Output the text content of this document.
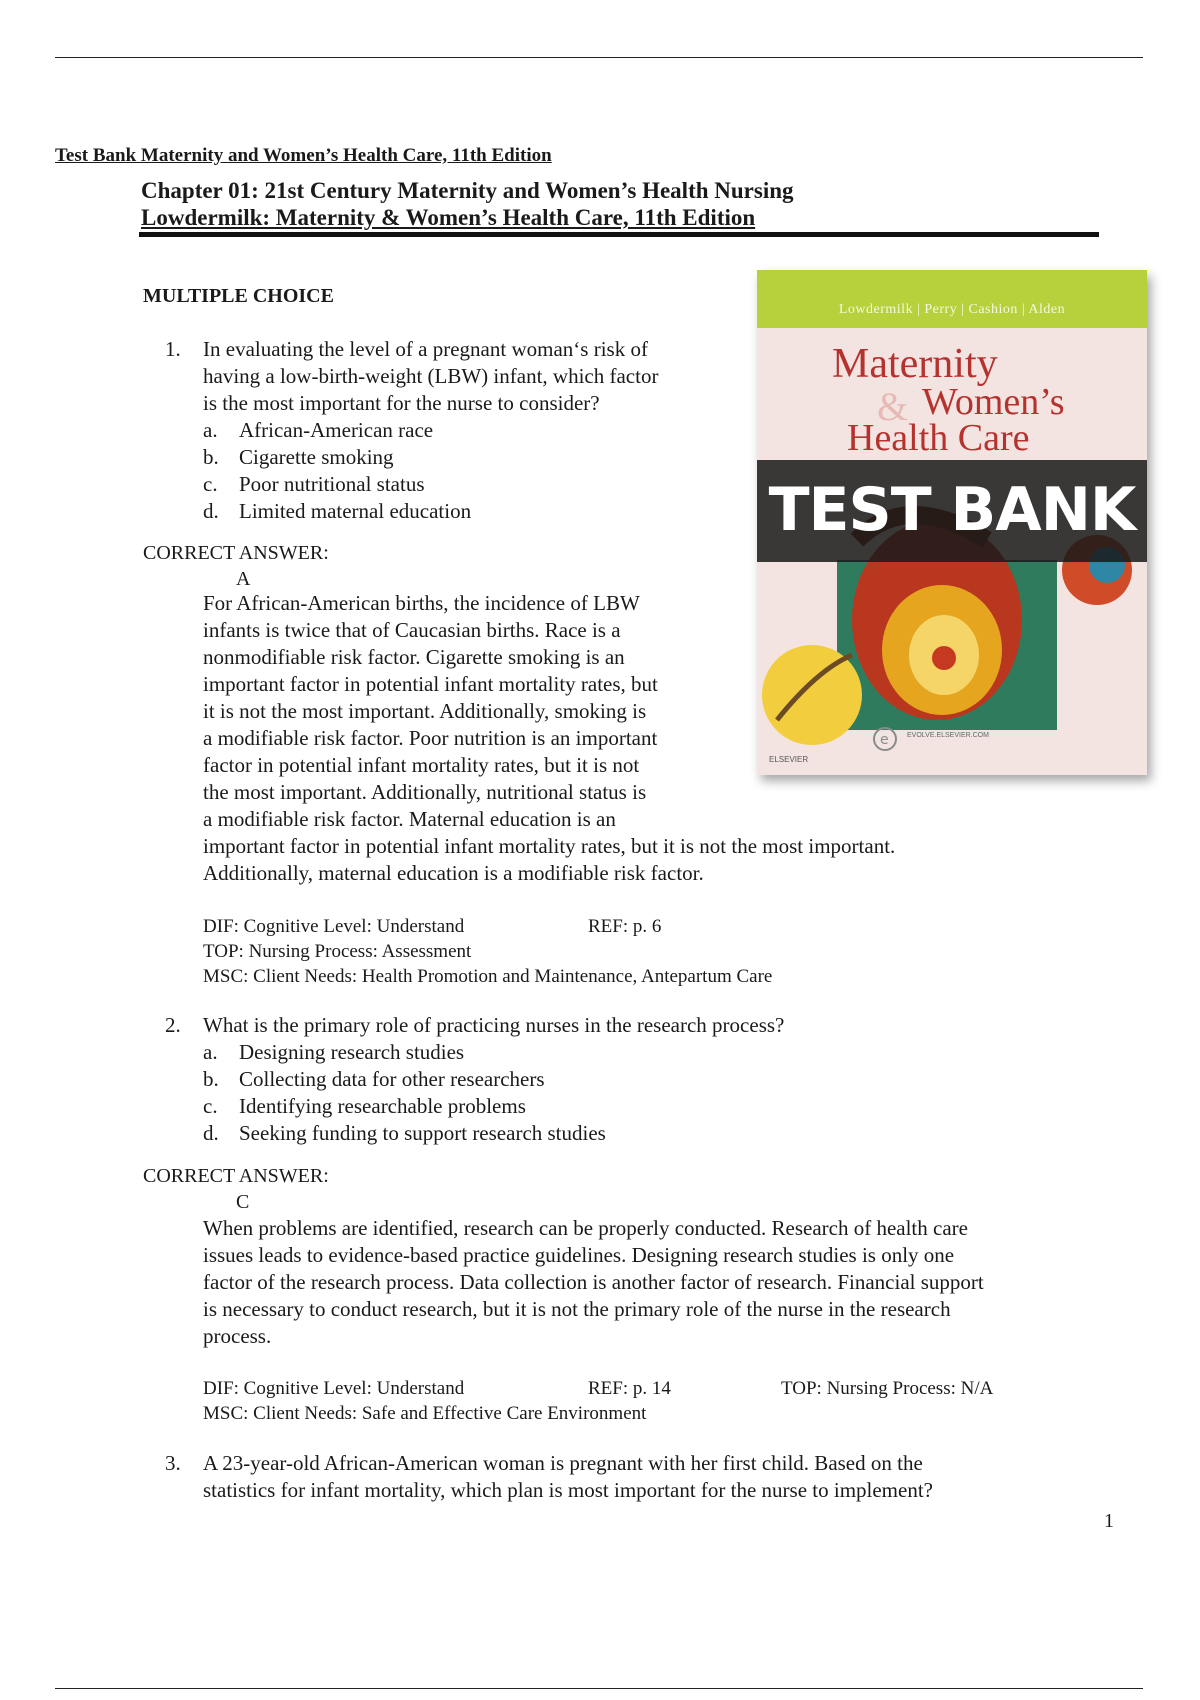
Test Bank Maternity and Women’s Health Care, 11th Edition
Chapter 01: 21st Century Maternity and Women’s Health Nursing
Lowdermilk: Maternity & Women’s Health Care, 11th Edition
MULTIPLE CHOICE
Lowdermilk | Perry | Cashion | Alden
Maternity
& Women’s
Health Care
TEST BANK
e	EVOLVE.ELSEVIER.COM
ELSEVIER
1. In evaluating the level of a pregnant woman‘s risk of
having a low-birth-weight (LBW) infant, which factor
is the most important for the nurse to consider?
a. African-American race
b. Cigarette smoking
c. Poor nutritional status
d. Limited maternal education
CORRECT ANSWER:
A
For African-American births, the incidence of LBW
infants is twice that of Caucasian births. Race is a
nonmodifiable risk factor. Cigarette smoking is an
important factor in potential infant mortality rates, but
it is not the most important. Additionally, smoking is
a modifiable risk factor. Poor nutrition is an important
factor in potential infant mortality rates, but it is not
the most important. Additionally, nutritional status is
a modifiable risk factor. Maternal education is an
important factor in potential infant mortality rates, but it is not the most important.
Additionally, maternal education is a modifiable risk factor.
DIF: Cognitive Level: Understand	REF: p. 6
TOP: Nursing Process: Assessment
MSC: Client Needs: Health Promotion and Maintenance, Antepartum Care
2. What is the primary role of practicing nurses in the research process?
a. Designing research studies
b. Collecting data for other researchers
c. Identifying researchable problems
d. Seeking funding to support research studies
CORRECT ANSWER:
C
When problems are identified, research can be properly conducted. Research of health care
issues leads to evidence-based practice guidelines. Designing research studies is only one
factor of the research process. Data collection is another factor of research. Financial support
is necessary to conduct research, but it is not the primary role of the nurse in the research
process.
DIF: Cognitive Level: Understand	REF: p. 14	TOP: Nursing Process: N/A
MSC: Client Needs: Safe and Effective Care Environment
3. A 23-year-old African-American woman is pregnant with her first child. Based on the
statistics for infant mortality, which plan is most important for the nurse to implement?
1
